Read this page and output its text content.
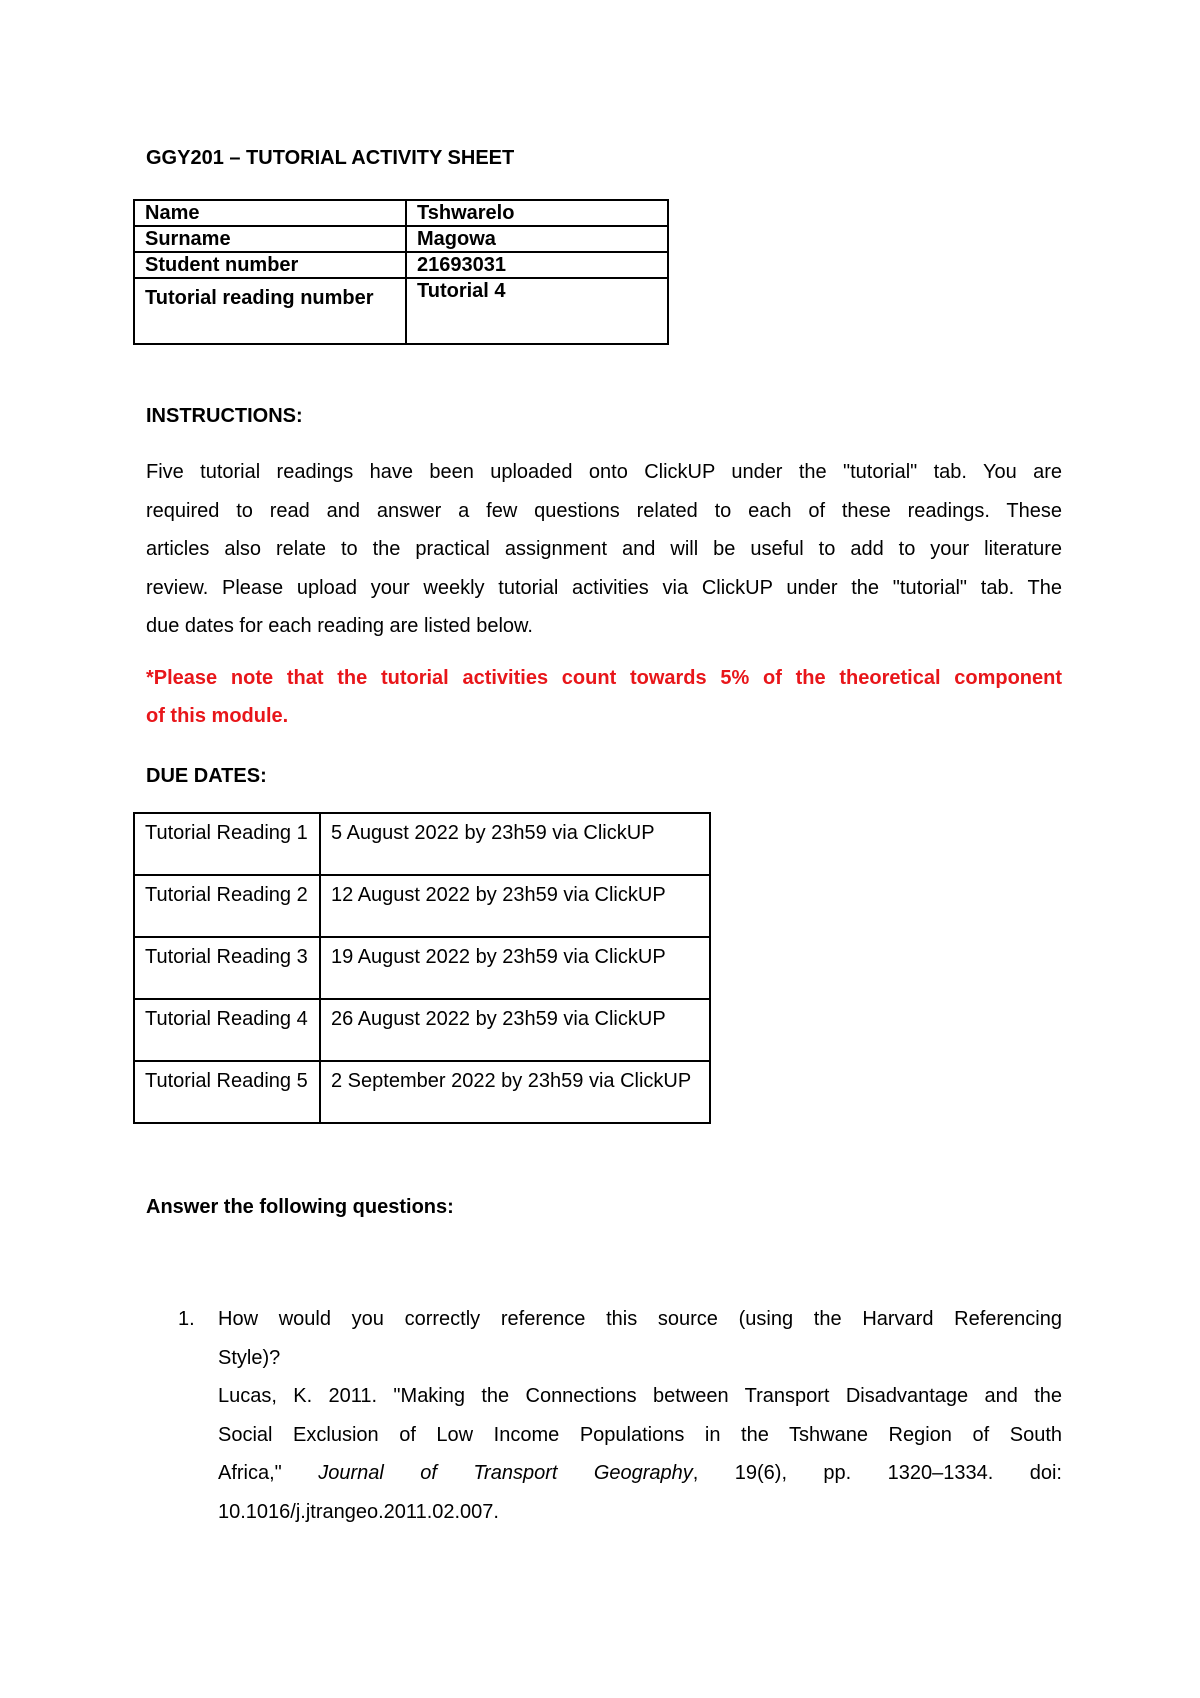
GGY201 – TUTORIAL ACTIVITY SHEET
Name	Tshwarelo
Surname	Magowa
Student number	21693031
Tutorial reading number	Tutorial 4
INSTRUCTIONS:
Five tutorial readings have been uploaded onto ClickUP under the "tutorial" tab. You are
required to read and answer a few questions related to each of these readings. These
articles also relate to the practical assignment and will be useful to add to your literature
review. Please upload your weekly tutorial activities via ClickUP under the "tutorial" tab. The
due dates for each reading are listed below.
*Please note that the tutorial activities count towards 5% of the theoretical component
of this module.
DUE DATES:
Tutorial Reading 1	5 August 2022 by 23h59 via ClickUP

Tutorial Reading 2	12 August 2022 by 23h59 via ClickUP
Tutorial Reading 3	19 August 2022 by 23h59 via ClickUP
Tutorial Reading 4	26 August 2022 by 23h59 via ClickUP
Tutorial Reading 5	2 September 2022 by 23h59 via ClickUP
Answer the following questions:
1. How would you correctly reference this source (using the Harvard Referencing
Style)?
Lucas, K. 2011. "Making the Connections between Transport Disadvantage and the
Social Exclusion of Low Income Populations in the Tshwane Region of South
Africa," Journal of Transport Geography, 19(6), pp. 1320–1334. doi:
10.1016/j.jtrangeo.2011.02.007.
